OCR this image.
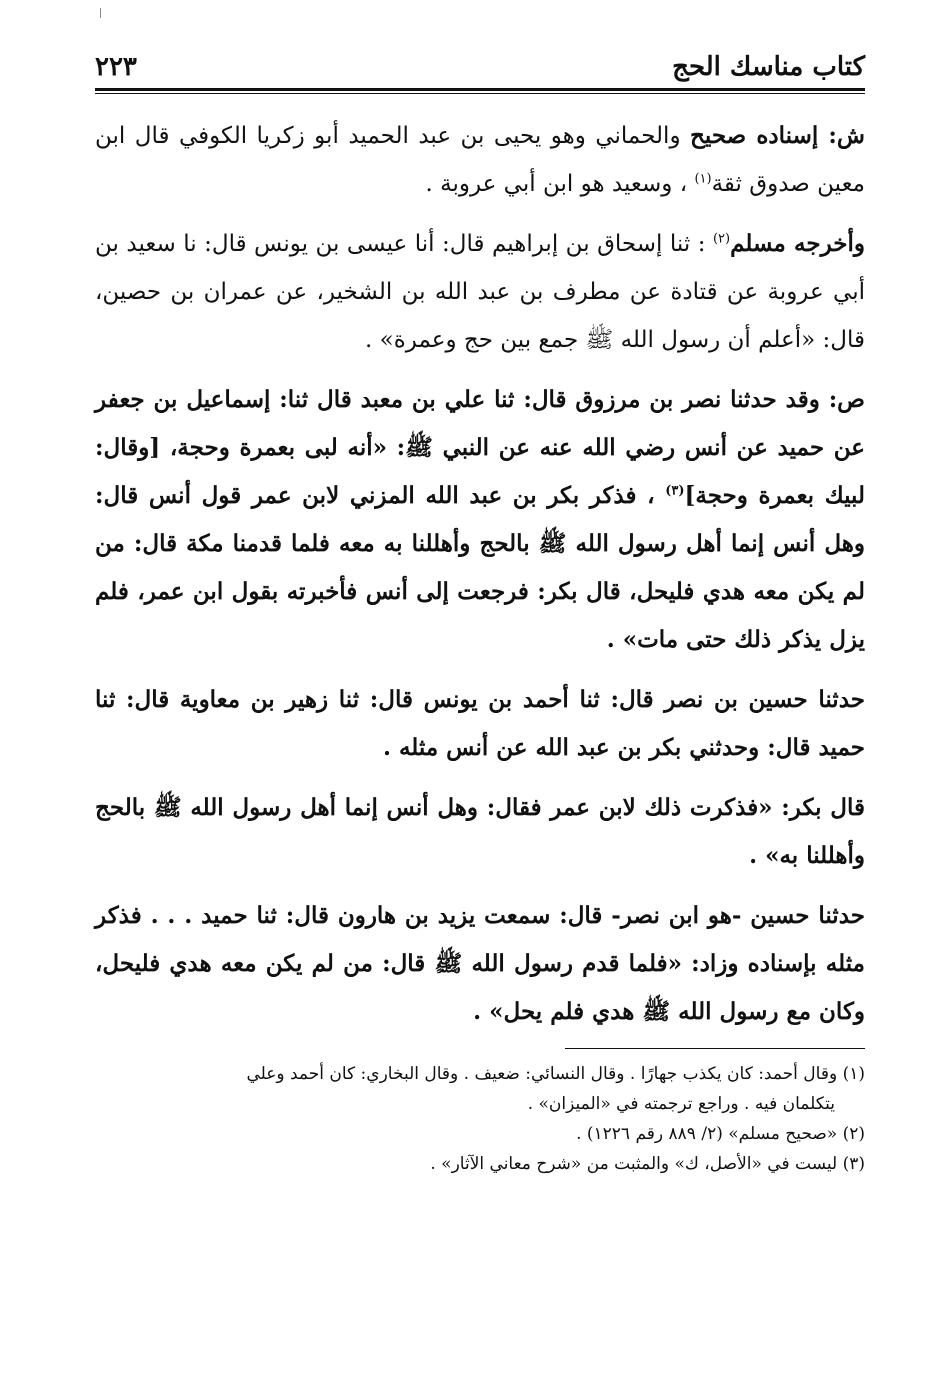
كتاب مناسك الحج
٢٢٣

ش: إسناده صحيح والحماني وهو يحيى بن عبد الحميد أبو زكريا الكوفي قال ابن معين صدوق ثقة$^{(١)}$ ، وسعيد هو ابن أبي عروبة .

وأخرجه مسلم$^{(٢)}$ : ثنا إسحاق بن إبراهيم قال: أنا عيسى بن يونس قال: نا سعيد بن أبي عروبة عن قتادة عن مطرف بن عبد الله بن الشخير، عن عمران بن حصين، قال: «أعلم أن رسول الله ﷺ جمع بين حج وعمرة» .

ص: وقد حدثنا نصر بن مرزوق قال: ثنا علي بن معبد قال ثنا: إسماعيل بن جعفر عن حميد عن أنس رضي الله عنه عن النبي ﷺ: «أنه لبى بعمرة وحجة، [وقال: لبيك بعمرة وحجة]$^{(٣)}$ ، فذكر بكر بن عبد الله المزني لابن عمر قول أنس قال: وهل أنس إنما أهل رسول الله ﷺ بالحج وأهللنا به معه فلما قدمنا مكة قال: من لم يكن معه هدي فليحل، قال بكر: فرجعت إلى أنس فأخبرته بقول ابن عمر، فلم يزل يذكر ذلك حتى مات» .

حدثنا حسين بن نصر قال: ثنا أحمد بن يونس قال: ثنا زهير بن معاوية قال: ثنا حميد قال: وحدثني بكر بن عبد الله عن أنس مثله .

قال بكر: «فذكرت ذلك لابن عمر فقال: وهل أنس إنما أهل رسول الله ﷺ بالحج وأهللنا به» .

حدثنا حسين -هو ابن نصر- قال: سمعت يزيد بن هارون قال: ثنا حميد . . . فذكر مثله بإسناده وزاد: «فلما قدم رسول الله ﷺ قال: من لم يكن معه هدي فليحل، وكان مع رسول الله ﷺ هدي فلم يحل» .

(١) وقال أحمد: كان يكذب جهارًا . وقال النسائي: ضعيف . وقال البخاري: كان أحمد وعلي

يتكلمان فيه . وراجع ترجمته في «الميزان» .

(٢) «صحيح مسلم» (٢/ ٨٨٩ رقم ١٢٢٦) .

(٣) ليست في «الأصل، ك» والمثبت من «شرح معاني الآثار» .
